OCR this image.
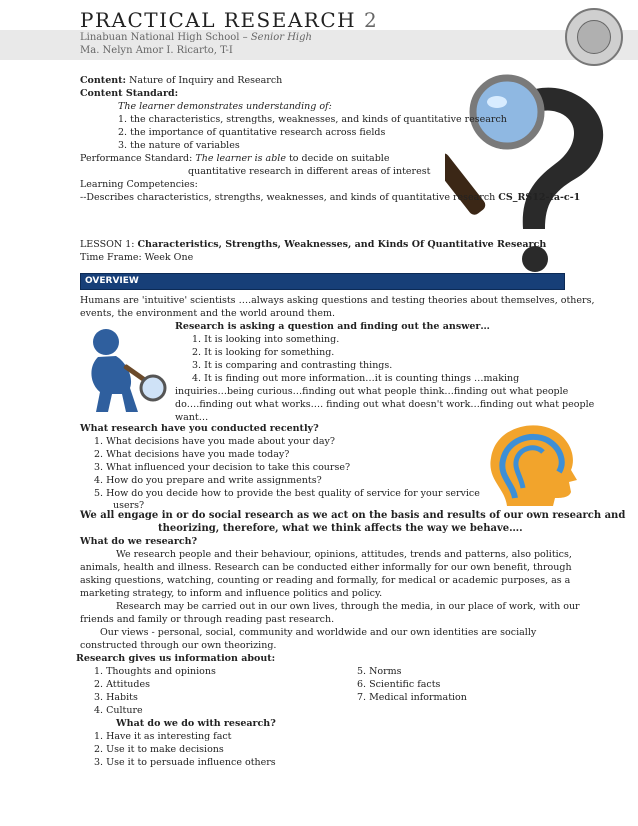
PRACTICAL RESEARCH 2
Linabuan National High School – Senior High
Ma. Nelyn Amor I. Ricarto, T-I
Content: Nature of Inquiry and Research
Content Standard:
The learner demonstrates understanding of:
1. the characteristics, strengths, weaknesses, and kinds of quantitative research
2. the importance of quantitative research across fields
3. the nature of variables
Performance Standard: The learner is able to decide on suitable
quantitative research in different areas of interest
Learning Competencies:
--Describes characteristics, strengths, weaknesses, and kinds of quantitative research CS_RS12-Ia-c-1
LESSON 1: Characteristics, Strengths, Weaknesses, and Kinds Of Quantitative Research
Time Frame: Week One
OVERVIEW
Humans are 'intuitive' scientists ….always asking questions and testing theories about themselves, others,
events, the environment and the world around them.
Research is asking a question and finding out the answer…
1. It is looking into something.
2. It is looking for something.
3. It is comparing and contrasting things.
4. It is finding out more information…it is counting things …making
inquiries…being curious…finding out what people think…finding out what people
do….finding out what works…. finding out what doesn't work…finding out what people
want…
What research have you conducted recently?
1. What decisions have you made about your day?
2. What decisions have you made today?
3. What influenced your decision to take this course?
4. How do you prepare and write assignments?
5. How do you decide how to provide the best quality of service for your service
users?
We all engage in or do social research as we act on the basis and results of our own research and
theorizing, therefore, what we think affects the way we behave….
What do we research?
We research people and their behaviour, opinions, attitudes, trends and patterns, also politics,
animals, health and illness. Research can be conducted either informally for our own benefit, through
asking questions, watching, counting or reading and formally, for medical or academic purposes, as a
marketing strategy, to inform and influence politics and policy.
Research may be carried out in our own lives, through the media, in our place of work, with our
friends and family or through reading past research.
Our views - personal, social, community and worldwide and our own identities are socially
constructed through our own theorizing.
Research gives us information about:
1. Thoughts and opinions
2. Attitudes
3. Habits
4. Culture
5. Norms
6. Scientific facts
7. Medical information
What do we do with research?
1. Have it as interesting fact
2. Use it to make decisions
3. Use it to persuade influence others
